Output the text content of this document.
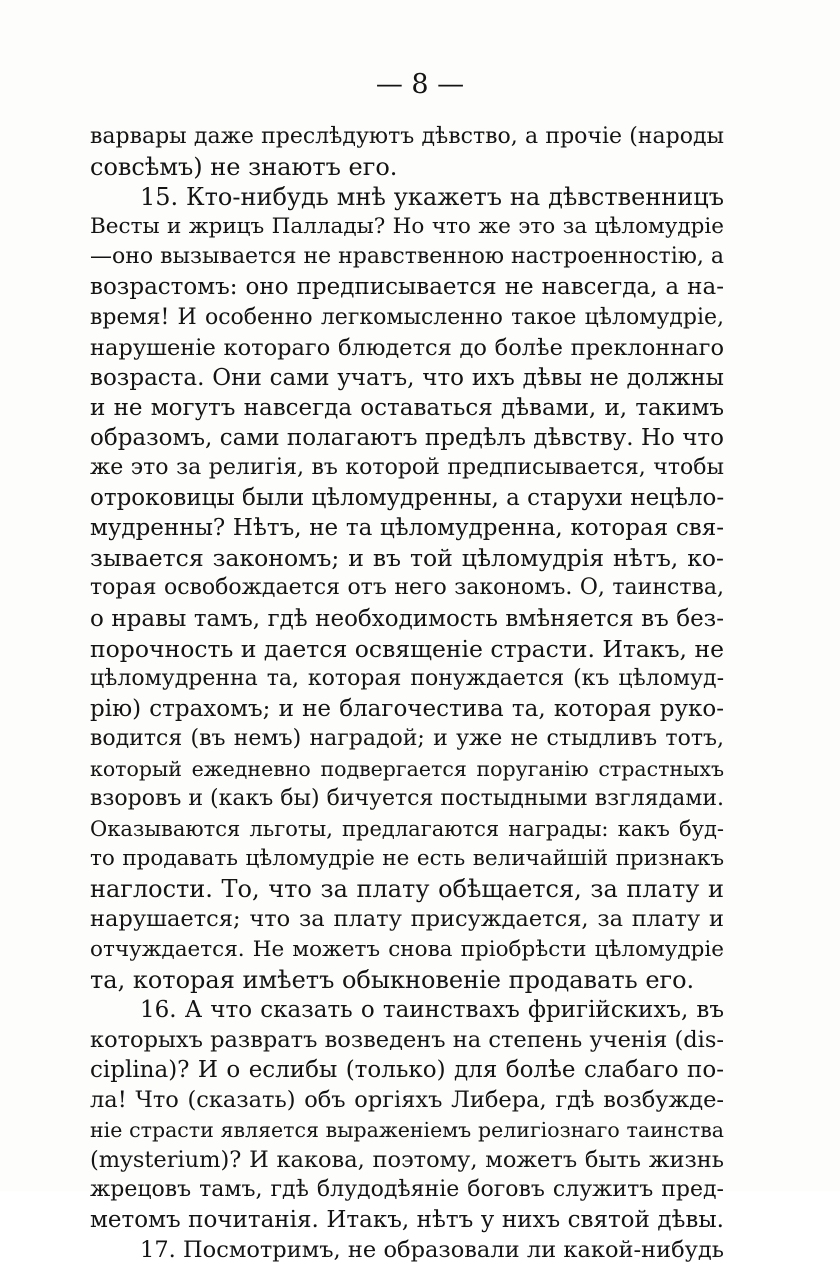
— 8 —
варвары даже преслѣдуютъ дѣвство, а прочіе (народы
совсѣмъ) не знаютъ его.
15. Кто-нибудь мнѣ укажетъ на дѣвственницъ
Весты и жрицъ Паллады? Но что же это за цѣломудріе
—оно вызывается не нравственною настроенностію, а
возрастомъ: оно предписывается не навсегда, а на-
время! И особенно легкомысленно такое цѣломудріе,
нарушеніе котораго блюдется до болѣе преклоннаго
возраста. Они сами учатъ, что ихъ дѣвы не должны
и не могутъ навсегда оставаться дѣвами, и, такимъ
образомъ, сами полагаютъ предѣлъ дѣвству. Но что
же это за религія, въ которой предписывается, чтобы
отроковицы были цѣломудренны, а старухи нецѣло-
мудренны? Нѣтъ, не та цѣломудренна, которая свя-
зывается закономъ; и въ той цѣломудрія нѣтъ, ко-
торая освобождается отъ него закономъ. О, таинства,
о нравы тамъ, гдѣ необходимость вмѣняется въ без-
порочность и дается освященіе страсти. Итакъ, не
цѣломудренна та, которая понуждается (къ цѣломуд-
рію) страхомъ; и не благочестива та, которая руко-
водится (въ немъ) наградой; и уже не стыдливъ тотъ,
который ежедневно подвергается поруганію страстныхъ
взоровъ и (какъ бы) бичуется постыдными взглядами.
Оказываются льготы, предлагаются награды: какъ буд-
то продавать цѣломудріе не есть величайшій признакъ
наглости. То, что за плату обѣщается, за плату и
нарушается; что за плату присуждается, за плату и
отчуждается. Не можетъ снова пріобрѣсти цѣломудріе
та, которая имѣетъ обыкновеніе продавать его.
16. А что сказать о таинствахъ фригійскихъ, въ
которыхъ развратъ возведенъ на степень ученія (dis-
ciplina)? И о еслибы (только) для болѣе слабаго по-
ла! Что (сказать) объ оргіяхъ Либера, гдѣ возбужде-
ніе страсти является выраженіемъ религіознаго таинства
(mysterium)? И какова, поэтому, можетъ быть жизнь
жрецовъ тамъ, гдѣ блудодѣяніе боговъ служитъ пред-
метомъ почитанія. Итакъ, нѣтъ у нихъ святой дѣвы.
17. Посмотримъ, не образовали ли какой-нибудь
